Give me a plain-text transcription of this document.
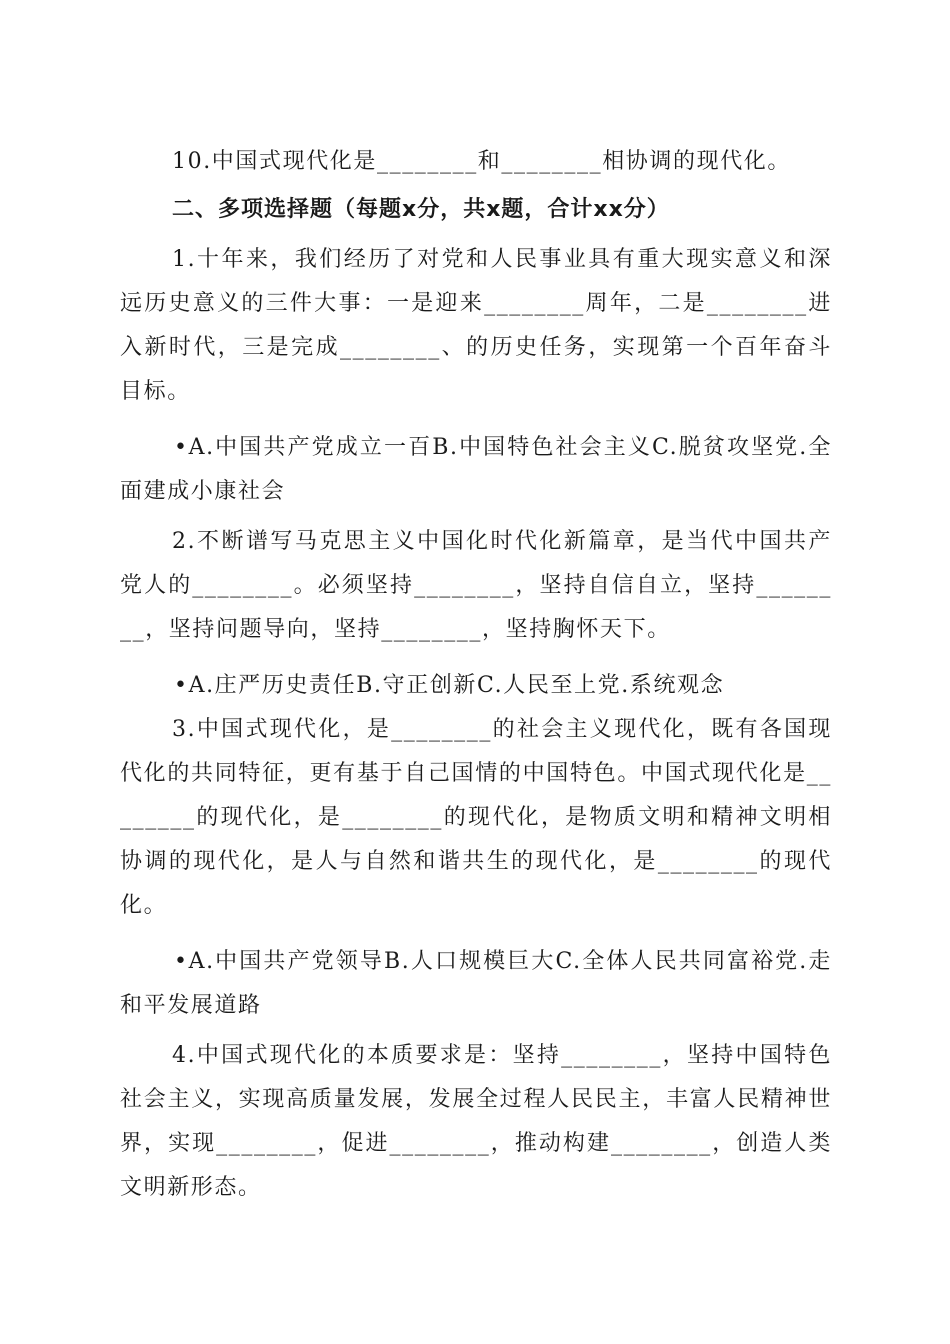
10.中国式现代化是________和________相协调的现代化。

二、多项选择题（每题x分，共x题，合计xx分）

1.十年来，我们经历了对党和人民事业具有重大现实意义和深远历史意义的三件大事：一是迎来________周年，二是________进入新时代，三是完成________、的历史任务，实现第一个百年奋斗目标。

•A.中国共产党成立一百B.中国特色社会主义C.脱贫攻坚党.全面建成小康社会

2.不断谱写马克思主义中国化时代化新篇章，是当代中国共产党人的________。必须坚持________，坚持自信自立，坚持________，坚持问题导向，坚持________，坚持胸怀天下。

•A.庄严历史责任B.守正创新C.人民至上党.系统观念

3.中国式现代化，是________的社会主义现代化，既有各国现代化的共同特征，更有基于自己国情的中国特色。中国式现代化是________的现代化，是________的现代化，是物质文明和精神文明相协调的现代化，是人与自然和谐共生的现代化，是________的现代化。

•A.中国共产党领导B.人口规模巨大C.全体人民共同富裕党.走和平发展道路

4.中国式现代化的本质要求是：坚持________，坚持中国特色社会主义，实现高质量发展，发展全过程人民民主，丰富人民精神世界，实现________，促进________，推动构建________，创造人类文明新形态。
